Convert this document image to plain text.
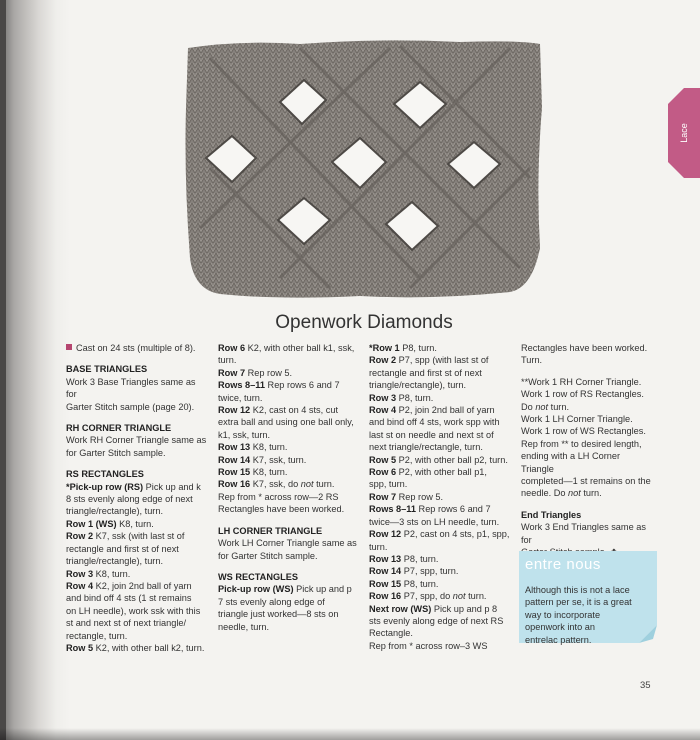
Lace
Openwork Diamonds
Cast on 24 sts (multiple of 8).
BASE TRIANGLES
Work 3 Base Triangles same as for
Garter Stitch sample (page 20).
RH CORNER TRIANGLE
Work RH Corner Triangle same as
for Garter Stitch sample.
RS RECTANGLES
*Pick-up row (RS) Pick up and k
8 sts evenly along edge of next
triangle/rectangle), turn.
Row 1 (WS) K8, turn.
Row 2 K7, ssk (with last st of
rectangle and first st of next
triangle/rectangle), turn.
Row 3 K8, turn.
Row 4 K2, join 2nd ball of yarn
and bind off 4 sts (1 st remains
on LH needle), work ssk with this
st and next st of next triangle/
rectangle, turn.
Row 5 K2, with other ball k2, turn.
Row 6 K2, with other ball k1, ssk,
turn.
Row 7 Rep row 5.
Rows 8–11 Rep rows 6 and 7
twice, turn.
Row 12 K2, cast on 4 sts, cut
extra ball and using one ball only,
k1, ssk, turn.
Row 13 K8, turn.
Row 14 K7, ssk, turn.
Row 15 K8, turn.
Row 16 K7, ssk, do not turn.
Rep from * across row—2 RS
Rectangles have been worked.
LH CORNER TRIANGLE
Work LH Corner Triangle same as
for Garter Stitch sample.
WS RECTANGLES
Pick-up row (WS) Pick up and p
7 sts evenly along edge of
triangle just worked—8 sts on
needle, turn.
*Row 1 P8, turn.
Row 2 P7, spp (with last st of
rectangle and first st of next
triangle/rectangle), turn.
Row 3 P8, turn.
Row 4 P2, join 2nd ball of yarn
and bind off 4 sts, work spp with
last st on needle and next st of
next triangle/rectangle, turn.
Row 5 P2, with other ball p2, turn.
Row 6 P2, with other ball p1,
spp, turn.
Row 7 Rep row 5.
Rows 8–11 Rep rows 6 and 7
twice—3 sts on LH needle, turn.
Row 12 P2, cast on 4 sts, p1, spp,
turn.
Row 13 P8, turn.
Row 14 P7, spp, turn.
Row 15 P8, turn.
Row 16 P7, spp, do not turn.
Next row (WS) Pick up and p 8
sts evenly along edge of next RS
Rectangle.
Rep from * across row–3 WS
Rectangles have been worked.
Turn.
**Work 1 RH Corner Triangle.
Work 1 row of RS Rectangles.
Do not turn.
Work 1 LH Corner Triangle.
Work 1 row of WS Rectangles.
Rep from ** to desired length,
ending with a LH Corner Triangle
completed—1 st remains on the
needle. Do not turn.
End Triangles
Work 3 End Triangles same as for
entre nous
Although this is not a lace
pattern per se, it is a great
way to incorporate
openwork into an
entrelac pattern.
35
